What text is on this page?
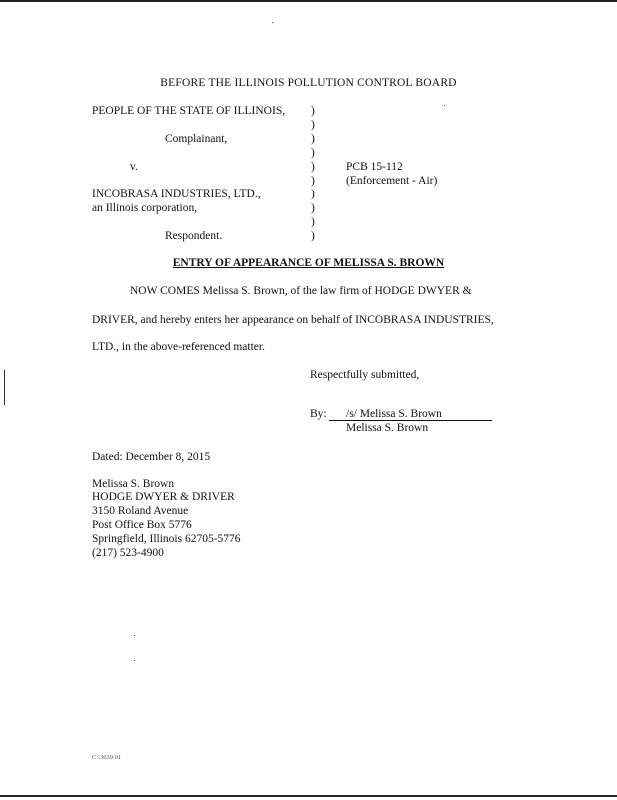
BEFORE THE ILLINOIS POLLUTION CONTROL BOARD
PEOPLE OF THE STATE OF ILLINOIS,
Complainant,
v.
INCOBRASA INDUSTRIES, LTD.,
an Illinois corporation,
Respondent.
)
)
)
)
)
)
)
)
)
)
PCB 15-112
(Enforcement - Air)
ENTRY OF APPEARANCE OF MELISSA S. BROWN
NOW COMES Melissa S. Brown, of the law firm of HODGE DWYER &
DRIVER, and hereby enters her appearance on behalf of INCOBRASA INDUSTRIES,
LTD., in the above-referenced matter.
Respectfully submitted,
By: /s/ Melissa S. Brown
Melissa S. Brown
Dated: December 8, 2015
Melissa S. Brown
HODGE DWYER & DRIVER
3150 Roland Avenue
Post Office Box 5776
Springfield, Illinois 62705-5776
(217) 523-4900
C:\3639.01
